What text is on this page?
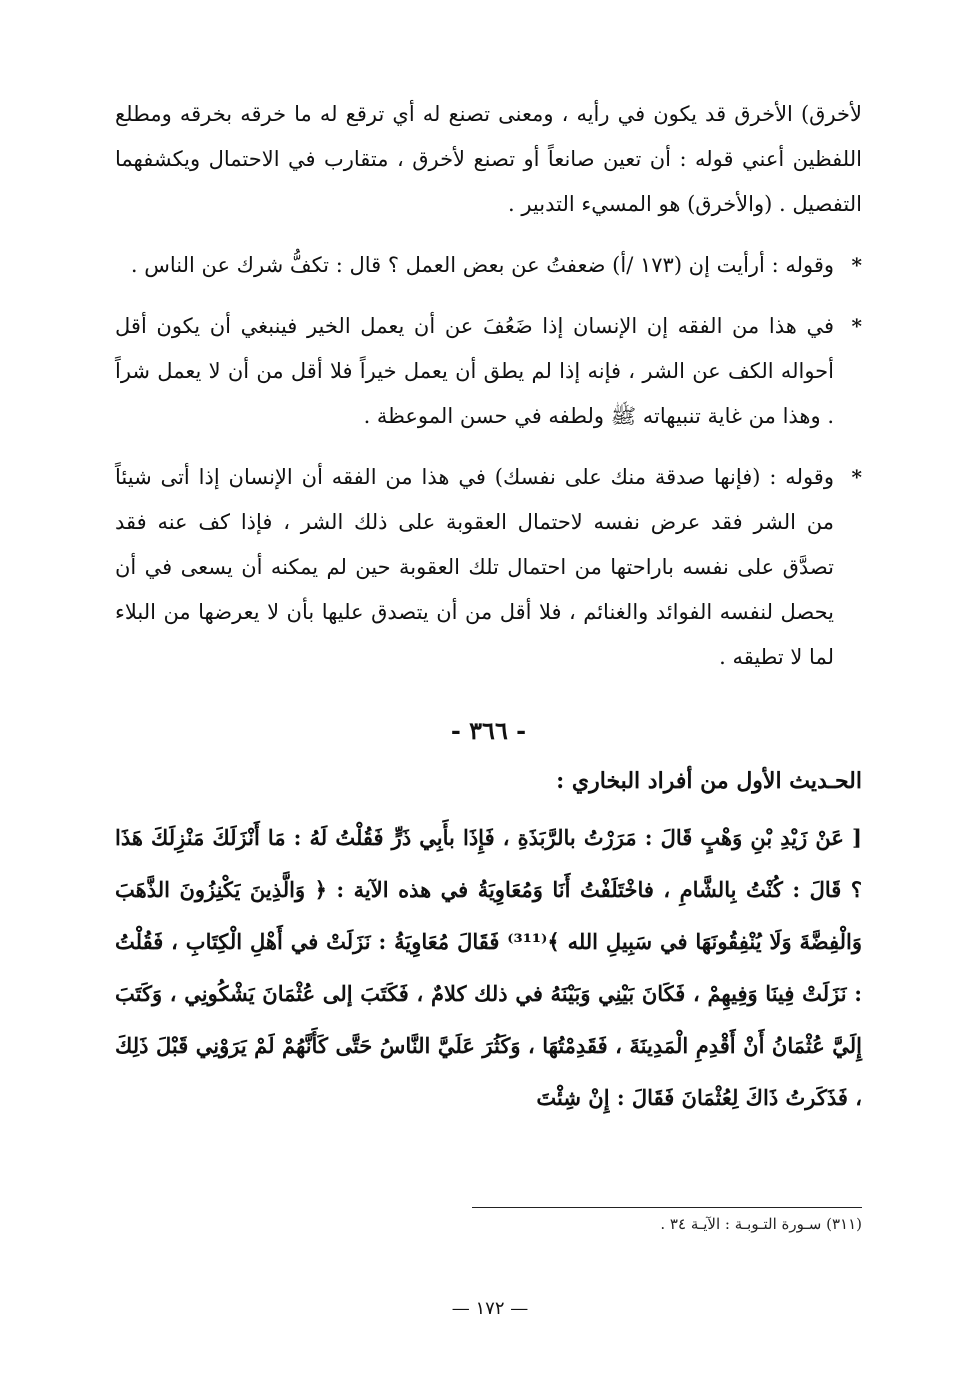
لأخرق) الأخرق قد يكون في رأيه ، ومعنى تصنع له أي ترقع له ما خرقه بخرقه ومطلع اللفظين أعني قوله : أن تعين صانعاً أو تصنع لأخرق ، متقارب في الاحتمال ويكشفهما التفصيل . (والأخرق) هو المسيء التدبير .

*
وقوله : أرأيت إن (١٧٣ /أ) ضعفتُ عن بعض العمل ؟ قال : تكفُّ شرك عن الناس .
*
في هذا من الفقه إن الإنسان إذا ضَعُفَ عن أن يعمل الخير فينبغي أن يكون أقل أحواله الكف عن الشر ، فإنه إذا لم يطق أن يعمل خيراً فلا أقل من أن لا يعمل شراً . وهذا من غاية تنبيهاته ﷺ ولطفه في حسن الموعظة .
*
وقوله : (فإنها صدقة منك على نفسك) في هذا من الفقه أن الإنسان إذا أتى شيئاً من الشر فقد عرض نفسه لاحتمال العقوبة على ذلك الشر ، فإذا كف عنه فقد تصدَّق على نفسه باراحتها من احتمال تلك العقوبة حين لم يمكنه أن يسعى في أن يحصل لنفسه الفوائد والغنائم ، فلا أقل من أن يتصدق عليها بأن لا يعرضها من البلاء لما لا تطيقه .
- ٣٦٦ -
الحـديث الأول من أفراد البخاري :

[ عَنْ زَيْدِ بْنِ وَهْبٍ قَالَ : مَرَرْتُ بالرَّبَذَةِ ، فَإِذَا بأَبِي ذَرٍّ فَقُلْتُ لَهُ : مَا أَنْزَلَكَ مَنْزِلَكَ هَذَا ؟ قَالَ : كُنْتُ بِالشَّامِ ، فاخْتَلَفْتُ أَنَا وَمُعَاوِيَةُ في هذه الآية : ﴿ وَالَّذِينَ يَكْنِزُونَ الذَّهَبَ وَالْفِضَّةَ وَلَا يُنْفِقُونَهَا في سَبِيلِ الله ﴾⁽³¹¹⁾ فَقَالَ مُعَاوِيَةُ : نَزَلَتْ في أَهْلِ الْكِتَابِ ، فَقُلْتُ : نَزَلَتْ فِينَا وَفِيهِمْ ، فَكَانَ بَيْنِي وَبَيْنَهُ في ذلك كلامٌ ، فَكَتَبَ إلى عُثْمَانَ يَشْكُونِي ، وَكَتَبَ إِلَيَّ عُثْمَانُ أَنْ أَقْدِمِ الْمَدِينَةَ ، فَقَدِمْتُهَا ، وَكَثُرَ عَلَيَّ النَّاسُ حَتَّى كَأَنَّهُمْ لَمْ يَرَوْنِي قَبْلَ ذَلِكَ ، فَذَكَرتُ ذَاكَ لِعُثْمَانَ فَقَالَ : إِنْ شِئْتَ

(٣١١) سـورة التـوبـة : الآيـة ٣٤ .
— ١٧٢ —
